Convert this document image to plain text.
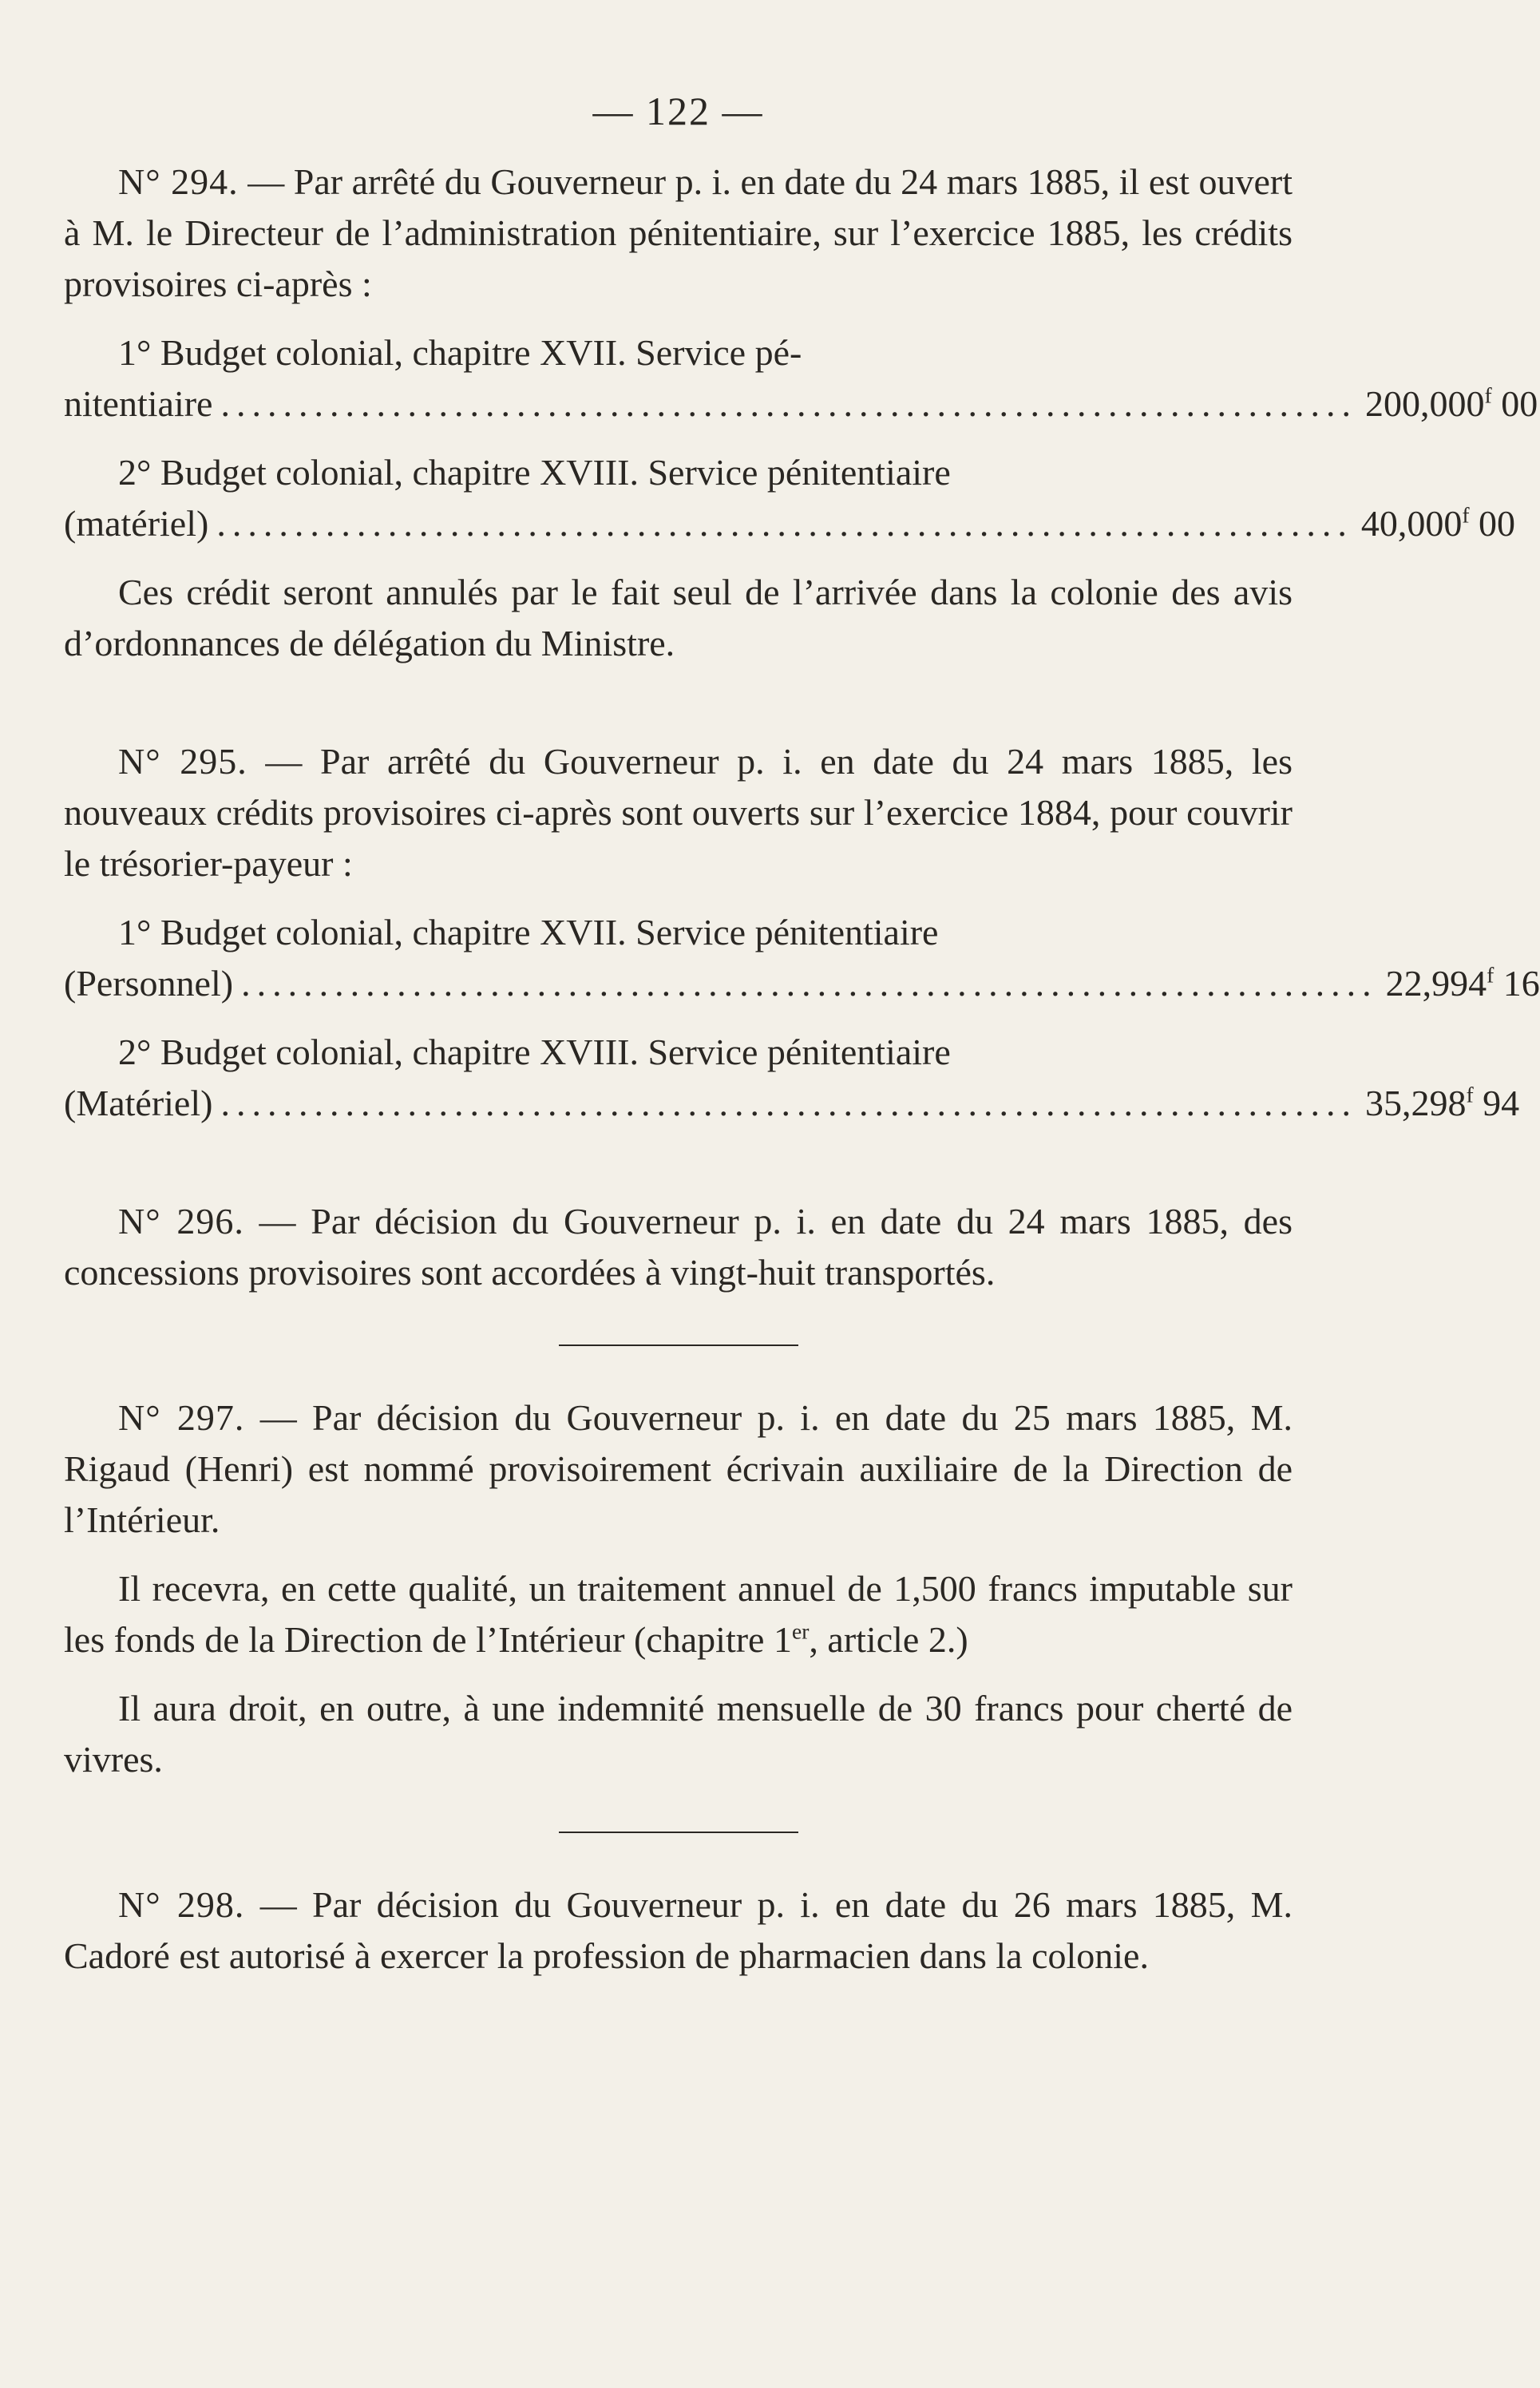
— 122 —

N° 294. — Par arrêté du Gouverneur p. i. en date du 24 mars 1885, il est ouvert à M. le Directeur de l’administration pénitentiaire, sur l’exercice 1885, les crédits provisoires ci-après :

1° Budget colonial, chapitre XVII. Service pé-
nitentiaire ......................................................................... 200,000$^f$ 00
2° Budget colonial, chapitre XVIII. Service pénitentiaire
(matériel) ......................................................................... 40,000$^f$ 00

Ces crédit seront annulés par le fait seul de l’arrivée dans la colonie des avis d’ordonnances de délégation du Ministre.

N° 295. — Par arrêté du Gouverneur p. i. en date du 24 mars 1885, les nouveaux crédits provisoires ci-après sont ouverts sur l’exercice 1884, pour couvrir le trésorier-payeur :

1° Budget colonial, chapitre XVII. Service pénitentiaire
(Personnel) ......................................................................... 22,994$^f$ 16
2° Budget colonial, chapitre XVIII. Service pénitentiaire
(Matériel) ......................................................................... 35,298$^f$ 94

N° 296. — Par décision du Gouverneur p. i. en date du 24 mars 1885, des concessions provisoires sont accordées à vingt-huit transportés.

N° 297. — Par décision du Gouverneur p. i. en date du 25 mars 1885, M. Rigaud (Henri) est nommé provisoirement écrivain auxiliaire de la Direction de l’Intérieur.

Il recevra, en cette qualité, un traitement annuel de 1,500 francs imputable sur les fonds de la Direction de l’Intérieur (chapitre 1er, article 2.)

Il aura droit, en outre, à une indemnité mensuelle de 30 francs pour cherté de vivres.

N° 298. — Par décision du Gouverneur p. i. en date du 26 mars 1885, M. Cadoré est autorisé à exercer la profession de pharmacien dans la colonie.
